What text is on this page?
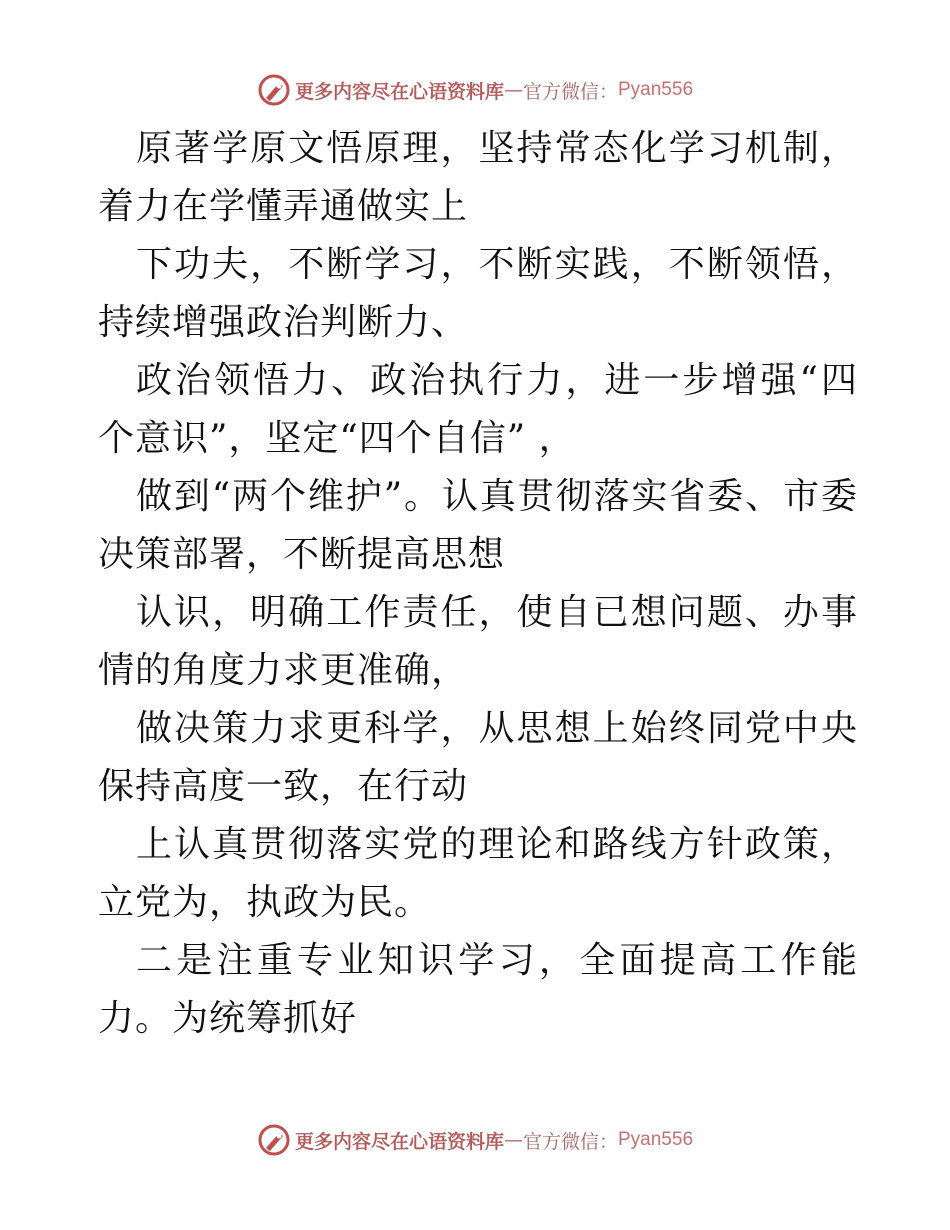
更多内容尽在心语资料库 — 官方微信： Pyan556

原著学原文悟原理，坚持常态化学习机制，着力在学懂弄通做实上

下功夫，不断学习，不断实践，不断领悟，持续增强政治判断力、

政治领悟力、政治执行力，进一步增强“四个意识”，坚定“四个自信” ，

做到“两个维护”。认真贯彻落实省委、市委决策部署，不断提高思想

认识，明确工作责任，使自已想问题、办事情的角度力求更准确，

做决策力求更科学，从思想上始终同党中央保持高度一致，在行动

上认真贯彻落实党的理论和路线方针政策，立党为，执政为民。

二是注重专业知识学习，全面提高工作能力。为统筹抓好

更多内容尽在心语资料库 — 官方微信： Pyan556
